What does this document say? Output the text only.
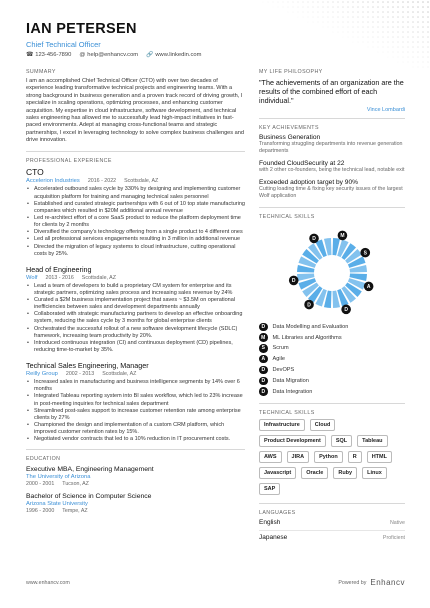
IAN PETERSEN
Chief Technical Officer
☎ 123-456-7890 @ help@enhancv.com 🔗 www.linkedin.com
SUMMARY
I am an accomplished Chief Technical Officer (CTO) with over two decades of experience leading transformative technical projects and engineering teams. With a strong background in business generation and a proven track record of driving growth, I specialize in scaling operations, optimizing processes, and enhancing customer acquisition. My expertise in cloud infrastructure, software development, and technical sales engineering has allowed me to successfully lead high-impact initiatives in fast-paced environments. Adept at managing cross-functional teams and strategic partnerships, I excel in leveraging technology to solve complex business challenges and drive innovation.
PROFESSIONAL EXPERIENCE
CTO
Accelerion Industries 2016 - 2022 Scottsdale, AZ
• Accelerated outbound sales cycle by 330% by designing and implementing customer acquisition platform for training and managing technical sales personnel
• Established and curated strategic partnerships with 6 out of 10 top state manufacturing companies which resulted in $20M additional annual revenue
• Led re-architect effort of a core SaaS product to reduce the platform deployment time for clients by 2 months
• Diversified the company's technology offering from a single product to 4 different ones
• Led all professional services engagements resulting in 3 million in additional revenue
• Directed the migration of legacy systems to cloud infrastructure, cutting operational costs by 25%.
Head of Engineering
Wolf 2013 - 2016 Scottsdale, AZ
• Lead a team of developers to build a proprietary CM system for enterprise and its strategic partners, optimizing sales process and increasing sales revenue by 24%
• Curated a $2M business implementation project that saves ~ $3.5M on operational inefficiencies between sales and development departments annually
• Collaborated with strategic manufacturing partners to develop an effective onboarding system, reducing the sales cycle by 3 months for global enterprise clients
• Orchestrated the successful rollout of a new software development lifecycle (SDLC) framework, increasing team productivity by 20%.
• Introduced continuous integration (CI) and continuous deployment (CD) pipelines, reducing time-to-market by 35%.
Technical Sales Engineering, Manager
Reilly Group 2002 - 2013 Scottsdale, AZ
• Increased sales in manufacturing and business intelligence segments by 14% over 6 months
• Integrated Tableau reporting system into BI sales workflow, which led to 23% increase in post-meeting inquiries for technical sales department
• Streamlined post-sales support to increase customer retention rate among enterprise clients by 27%
• Championed the design and implementation of a custom CRM platform, which improved customer retention rates by 15%.
• Negotiated vendor contracts that led to a 10% reduction in IT procurement costs.
EDUCATION
Executive MBA, Engineering Management
The University of Arizona
2000 - 2001 Tucson, AZ
Bachelor of Science in Computer Science
Arizona State University
1996 - 2000 Tempe, AZ
MY LIFE PHILOSOPHY
"The achievements of an organization are the results of the combined effort of each individual."
Vince Lombardi
KEY ACHIEVEMENTS
Business Generation
Transforming struggling departments into revenue generation departments
Founded CloudSecurity at 22
with 2 other co-founders, being the technical lead, notable exit
Exceeded adoption target by 90%
Cutting loading time & fixing key security issues of the largest Wolf application
TECHNICAL SKILLS
D	M
S
A
D
D
D
D	Data Modelling and Evaluation
M	ML Libraries and Algorithms
S	Scrum
A	Agile
D	DevOPS
D	Data Migration
D	Data Integration
TECHNICAL SKILLS
Infrastructure	Cloud
Product Development	SQL	Tableau
AWS	JIRA	Python	R	HTML
Javascript	Oracle	Ruby	Linux
SAP
LANGUAGES
English	Native
Japanese	Proficient
www.enhancv.com	Powered by Enhancv
